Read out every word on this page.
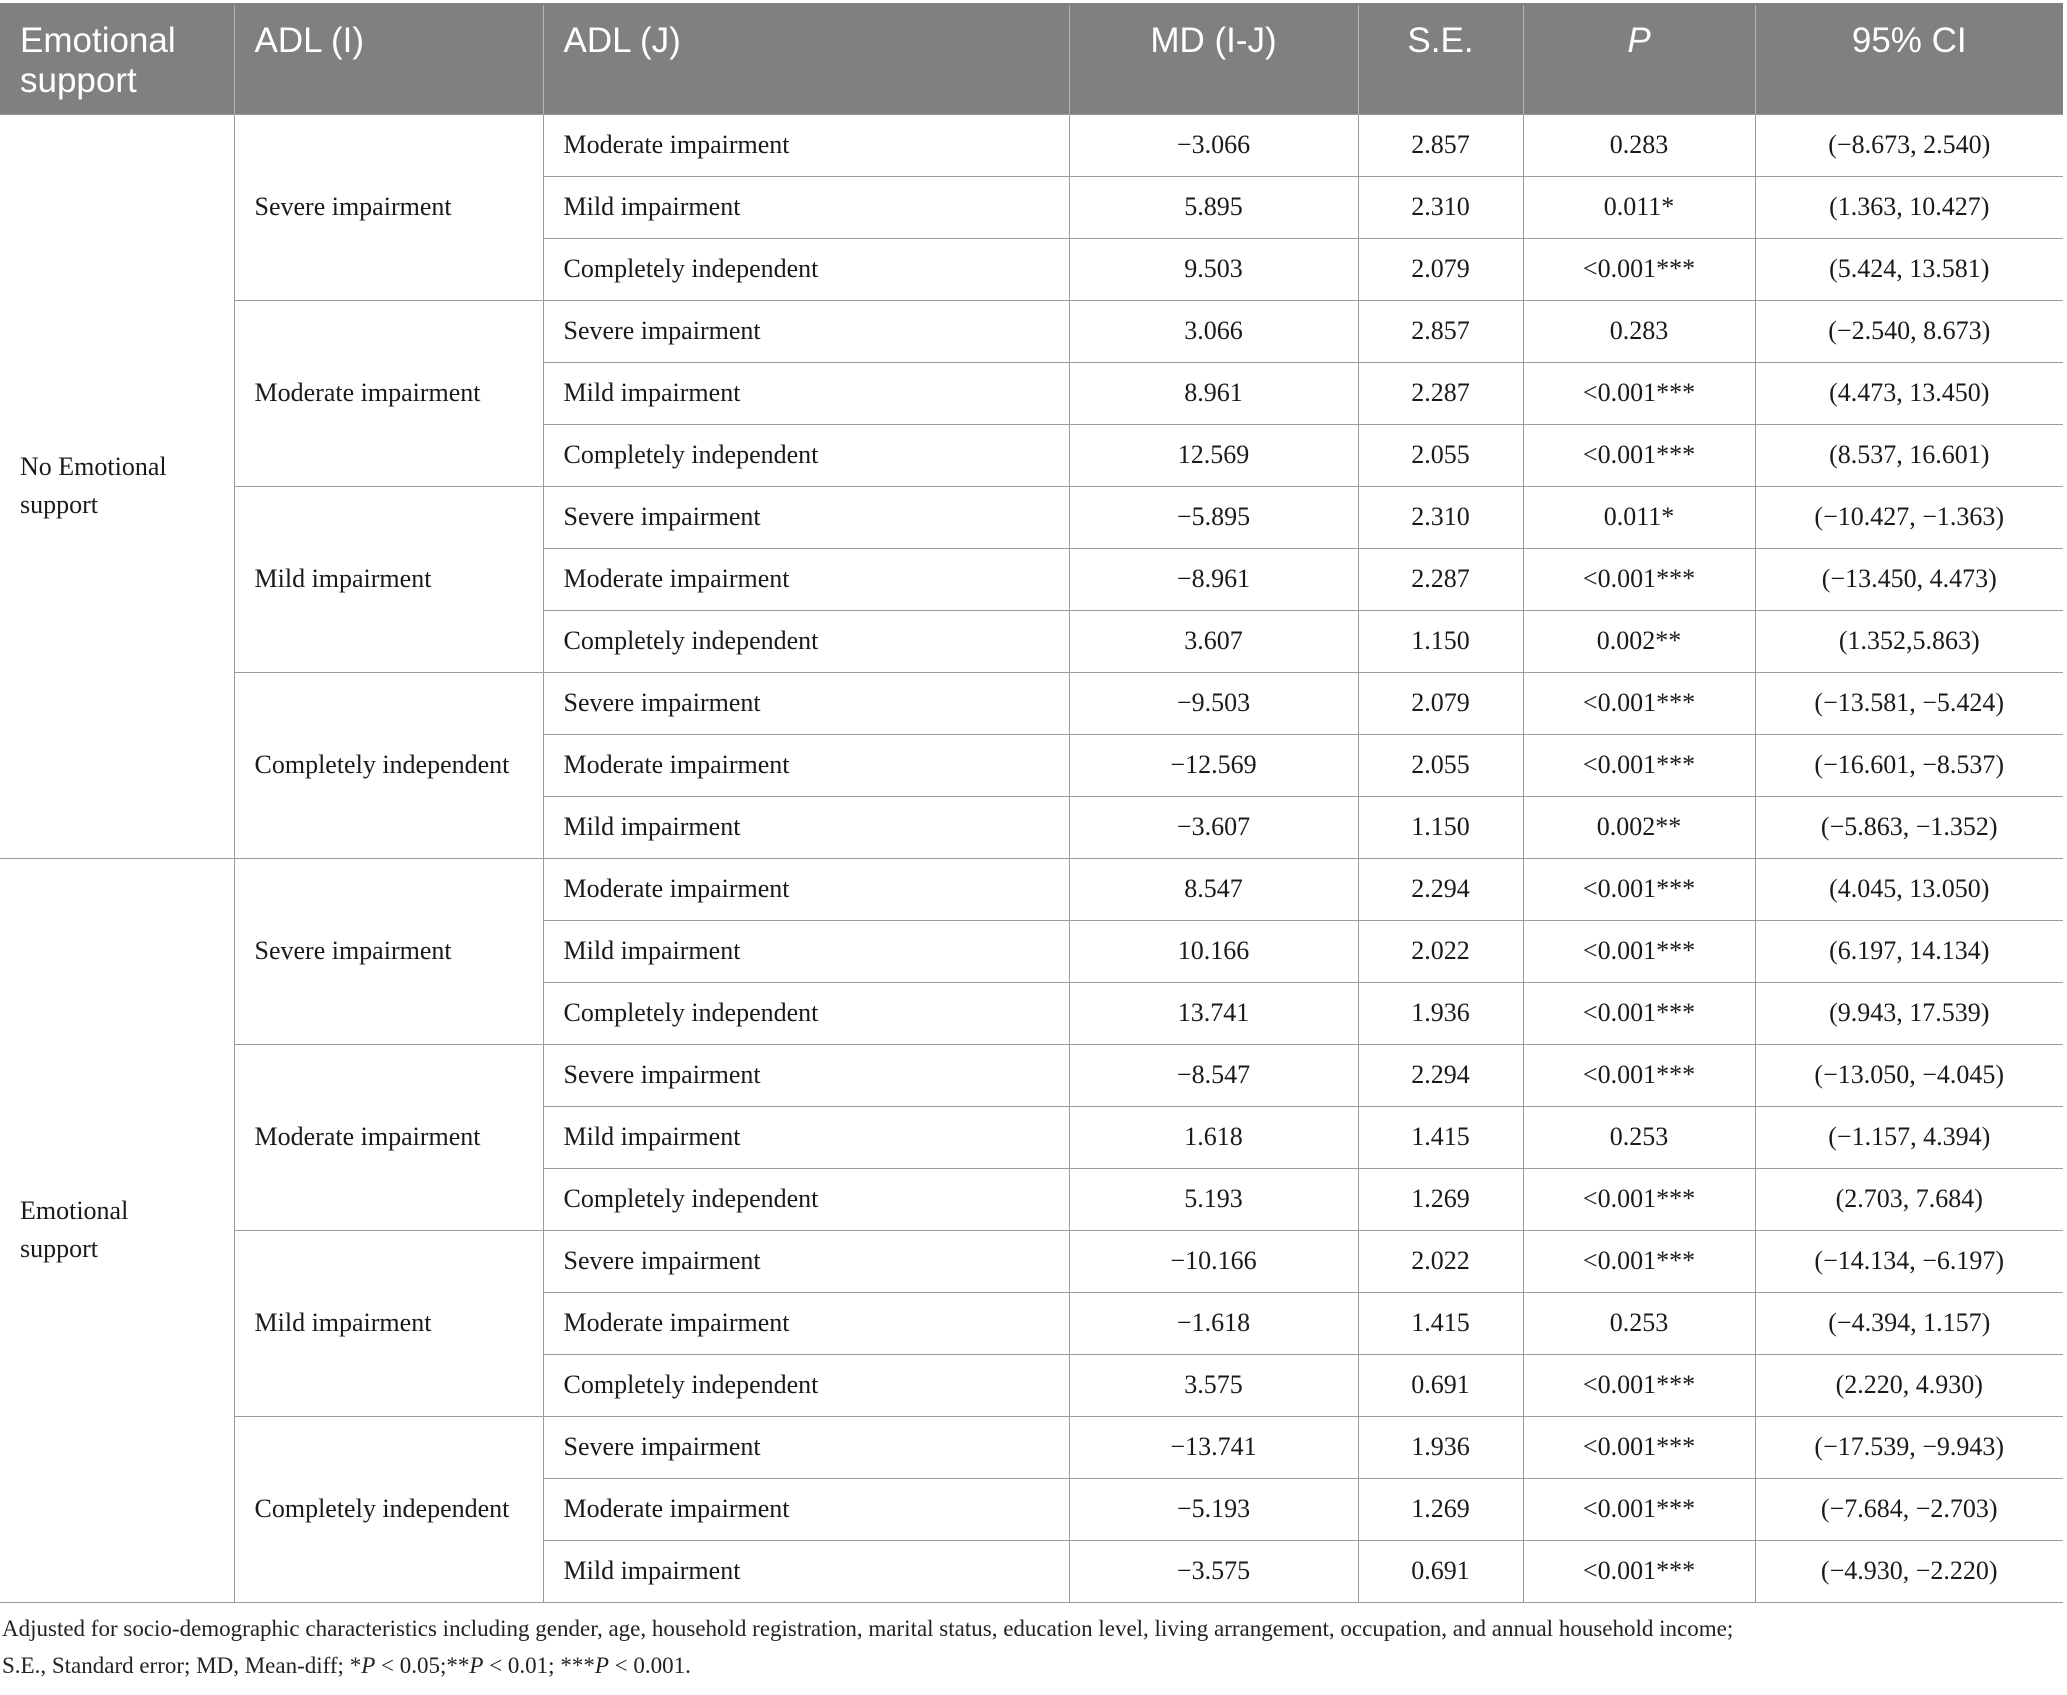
Emotional support	ADL (I)	ADL (J)	MD (I-J)	S.E.	P	95% CI
No Emotional support	Severe impairment	Moderate impairment	−3.066	2.857	0.283	(−8.673, 2.540)
		Mild impairment	5.895	2.310	0.011*	(1.363, 10.427)
		Completely independent	9.503	2.079	<0.001***	(5.424, 13.581)
	Moderate impairment	Severe impairment	3.066	2.857	0.283	(−2.540, 8.673)
		Mild impairment	8.961	2.287	<0.001***	(4.473, 13.450)
		Completely independent	12.569	2.055	<0.001***	(8.537, 16.601)
	Mild impairment	Severe impairment	−5.895	2.310	0.011*	(−10.427, −1.363)
		Moderate impairment	−8.961	2.287	<0.001***	(−13.450, 4.473)
		Completely independent	3.607	1.150	0.002**	(1.352,5.863)
	Completely independent	Severe impairment	−9.503	2.079	<0.001***	(−13.581, −5.424)
		Moderate impairment	−12.569	2.055	<0.001***	(−16.601, −8.537)
		Mild impairment	−3.607	1.150	0.002**	(−5.863, −1.352)
Emotional support	Severe impairment	Moderate impairment	8.547	2.294	<0.001***	(4.045, 13.050)
		Mild impairment	10.166	2.022	<0.001***	(6.197, 14.134)
		Completely independent	13.741	1.936	<0.001***	(9.943, 17.539)
	Moderate impairment	Severe impairment	−8.547	2.294	<0.001***	(−13.050, −4.045)
		Mild impairment	1.618	1.415	0.253	(−1.157, 4.394)
		Completely independent	5.193	1.269	<0.001***	(2.703, 7.684)
	Mild impairment	Severe impairment	−10.166	2.022	<0.001***	(−14.134, −6.197)
		Moderate impairment	−1.618	1.415	0.253	(−4.394, 1.157)
		Completely independent	3.575	0.691	<0.001***	(2.220, 4.930)
	Completely independent	Severe impairment	−13.741	1.936	<0.001***	(−17.539, −9.943)
		Moderate impairment	−5.193	1.269	<0.001***	(−7.684, −2.703)
		Mild impairment	−3.575	0.691	<0.001***	(−4.930, −2.220)
Adjusted for socio-demographic characteristics including gender, age, household registration, marital status, education level, living arrangement, occupation, and annual household income;
S.E., Standard error; MD, Mean-diff; *P < 0.05;**P < 0.01; ***P < 0.001.
